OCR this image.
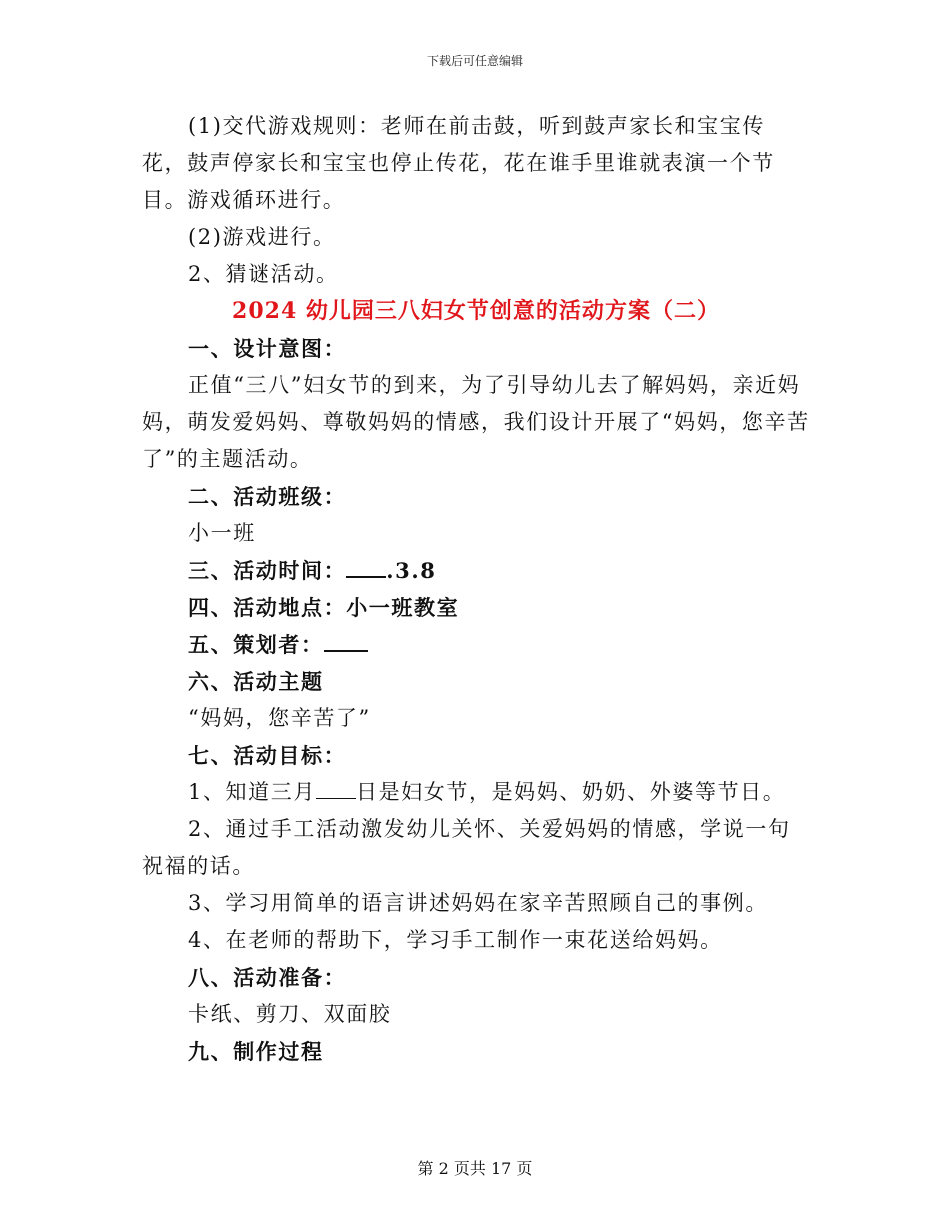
下载后可任意编辑

(1)交代游戏规则：老师在前击鼓，听到鼓声家长和宝宝传花，鼓声停家长和宝宝也停止传花，花在谁手里谁就表演一个节目。游戏循环进行。

(2)游戏进行。

2、猜谜活动。

2024 幼儿园三八妇女节创意的活动方案（二）

一、设计意图：

正值“三八”妇女节的到来，为了引导幼儿去了解妈妈，亲近妈妈，萌发爱妈妈、尊敬妈妈的情感，我们设计开展了“妈妈，您辛苦了”的主题活动。

二、活动班级：

小一班

三、活动时间： .3.8

四、活动地点：小一班教室

五、策划者：

六、活动主题

“妈妈，您辛苦了”

七、活动目标：

1、知道三月 日是妇女节，是妈妈、奶奶、外婆等节日。

2、通过手工活动激发幼儿关怀、关爱妈妈的情感，学说一句祝福的话。

3、学习用简单的语言讲述妈妈在家辛苦照顾自己的事例。

4、在老师的帮助下，学习手工制作一束花送给妈妈。

八、活动准备：

卡纸、剪刀、双面胶

九、制作过程

第 2 页共 17 页
